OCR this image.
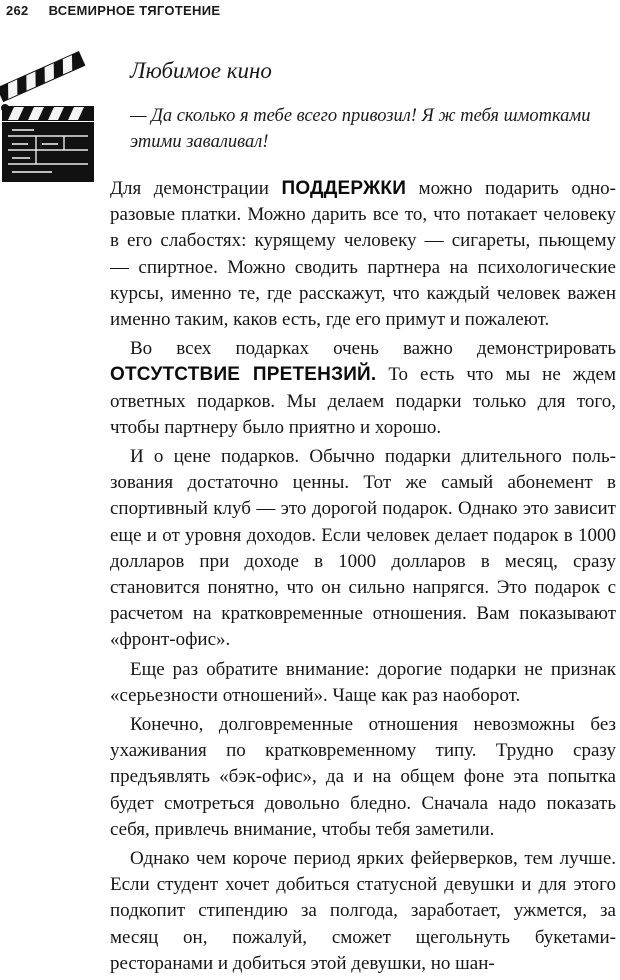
262 ВСЕМИРНОЕ ТЯГОТЕНИЕ
Любимое кино

— Да сколько я тебе всего привозил! Я ж тебя шмотками этими заваливал!

Для демонстрации ПОДДЕРЖКИ можно подарить одноразовые платки. Можно дарить все то, что потакает человеку в его слабостях: курящему человеку — сигареты, пьющему — спиртное. Можно сводить партнера на психологические курсы, именно те, где расскажут, что каждый человек важен именно таким, каков есть, где его примут и пожалеют.

Во всех подарках очень важно демонстрировать ОТСУТСТВИЕ ПРЕТЕНЗИЙ. То есть что мы не ждем ответных подарков. Мы делаем подарки только для того, чтобы партнеру было приятно и хорошо.

И о цене подарков. Обычно подарки длительного пользования достаточно ценны. Тот же самый абонемент в спортивный клуб — это дорогой подарок. Однако это зависит еще и от уровня доходов. Если человек делает подарок в 1000 долларов при доходе в 1000 долларов в месяц, сразу становится понятно, что он сильно напрягся. Это подарок с расчетом на кратковременные отношения. Вам показывают «фронт-офис».

Еще раз обратите внимание: дорогие подарки не признак «серьезности отношений». Чаще как раз наоборот.

Конечно, долговременные отношения невозможны без ухаживания по кратковременному типу. Трудно сразу предъявлять «бэк-офис», да и на общем фоне эта попытка будет смотреться довольно бледно. Сначала надо показать себя, привлечь внимание, чтобы тебя заметили.

Однако чем короче период ярких фейерверков, тем лучше. Если студент хочет добиться статусной девушки и для этого подкопит стипендию за полгода, заработает, ужмется, за месяц он, пожалуй, сможет щегольнуть букетами-ресторанами и добиться этой девушки, но шан-
